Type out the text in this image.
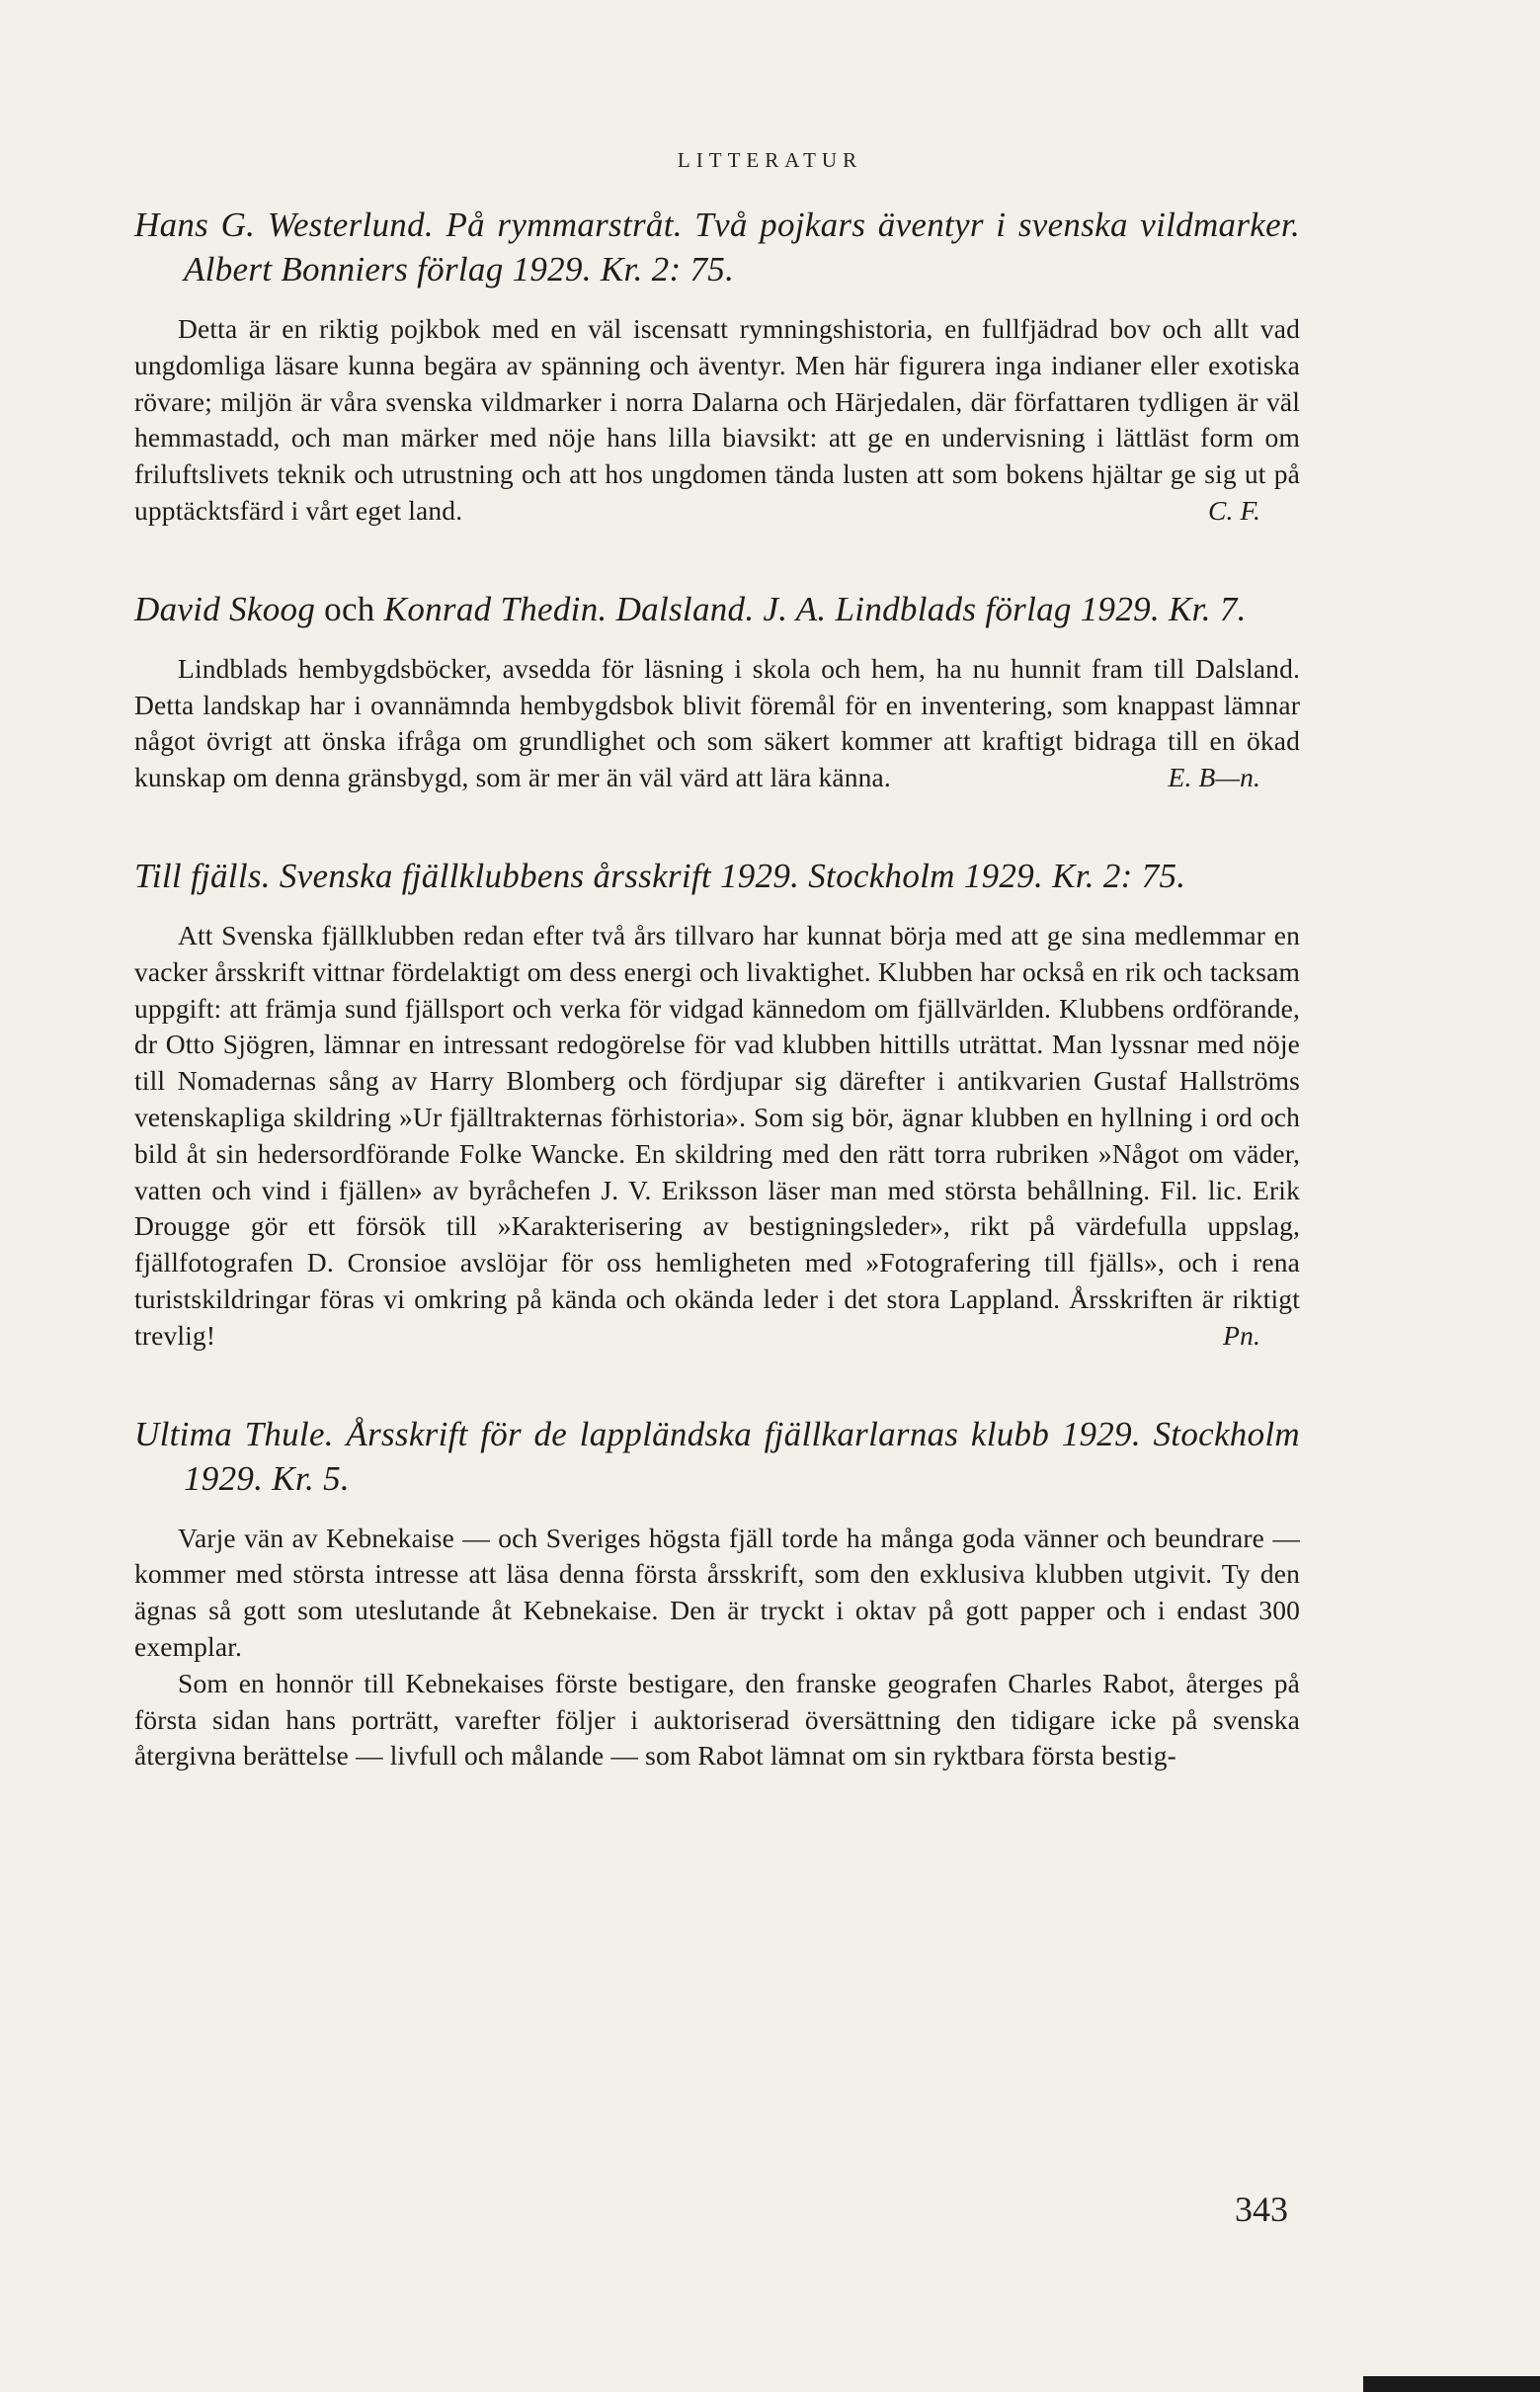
LITTERATUR
Hans G. Westerlund. På rymmarstråt. Två pojkars äventyr i svenska vildmarker. Albert Bonniers förlag 1929. Kr. 2: 75.

Detta är en riktig pojkbok med en väl iscensatt rymningshistoria, en fullfjädrad bov och allt vad ungdomliga läsare kunna begära av spänning och äventyr. Men här figurera inga indianer eller exotiska rövare; miljön är våra svenska vildmarker i norra Dalarna och Härjedalen, där författaren tydligen är väl hemmastadd, och man märker med nöje hans lilla biavsikt: att ge en undervisning i lättläst form om friluftslivets teknik och utrustning och att hos ungdomen tända lusten att som bokens hjältar ge sig ut på upptäcktsfärd i vårt eget land.	C. F.

David Skoog och Konrad Thedin. Dalsland. J. A. Lindblads förlag 1929. Kr. 7.

Lindblads hembygdsböcker, avsedda för läsning i skola och hem, ha nu hunnit fram till Dalsland. Detta landskap har i ovannämnda hembygdsbok blivit föremål för en inventering, som knappast lämnar något övrigt att önska ifråga om grundlighet och som säkert kommer att kraftigt bidraga till en ökad kunskap om denna gränsbygd, som är mer än väl värd att lära känna.	E. B—n.

Till fjälls. Svenska fjällklubbens årsskrift 1929. Stockholm 1929. Kr. 2: 75.

Att Svenska fjällklubben redan efter två års tillvaro har kunnat börja med att ge sina medlemmar en vacker årsskrift vittnar fördelaktigt om dess energi och livaktighet. Klubben har också en rik och tacksam uppgift: att främja sund fjällsport och verka för vidgad kännedom om fjällvärlden. Klubbens ordförande, dr Otto Sjögren, lämnar en intressant redogörelse för vad klubben hittills uträttat. Man lyssnar med nöje till Nomadernas sång av Harry Blomberg och fördjupar sig därefter i antikvarien Gustaf Hallströms vetenskapliga skildring »Ur fjälltrakternas förhistoria». Som sig bör, ägnar klubben en hyllning i ord och bild åt sin hedersordförande Folke Wancke. En skildring med den rätt torra rubriken »Något om väder, vatten och vind i fjällen» av byråchefen J. V. Eriksson läser man med största behållning. Fil. lic. Erik Drougge gör ett försök till »Karakterisering av bestigningsleder», rikt på värdefulla uppslag, fjällfotografen D. Cronsioe avslöjar för oss hemligheten med »Fotografering till fjälls», och i rena turistskildringar föras vi omkring på kända och okända leder i det stora Lappland. Årsskriften är riktigt trevlig!	Pn.

Ultima Thule. Årsskrift för de lappländska fjällkarlarnas klubb 1929. Stockholm 1929. Kr. 5.

Varje vän av Kebnekaise — och Sveriges högsta fjäll torde ha många goda vänner och beundrare — kommer med största intresse att läsa denna första årsskrift, som den exklusiva klubben utgivit. Ty den ägnas så gott som uteslutande åt Kebnekaise. Den är tryckt i oktav på gott papper och i endast 300 exemplar.

Som en honnör till Kebnekaises förste bestigare, den franske geografen Charles Rabot, återges på första sidan hans porträtt, varefter följer i auktoriserad översättning den tidigare icke på svenska återgivna berättelse — livfull och målande — som Rabot lämnat om sin ryktbara första bestig-

343
